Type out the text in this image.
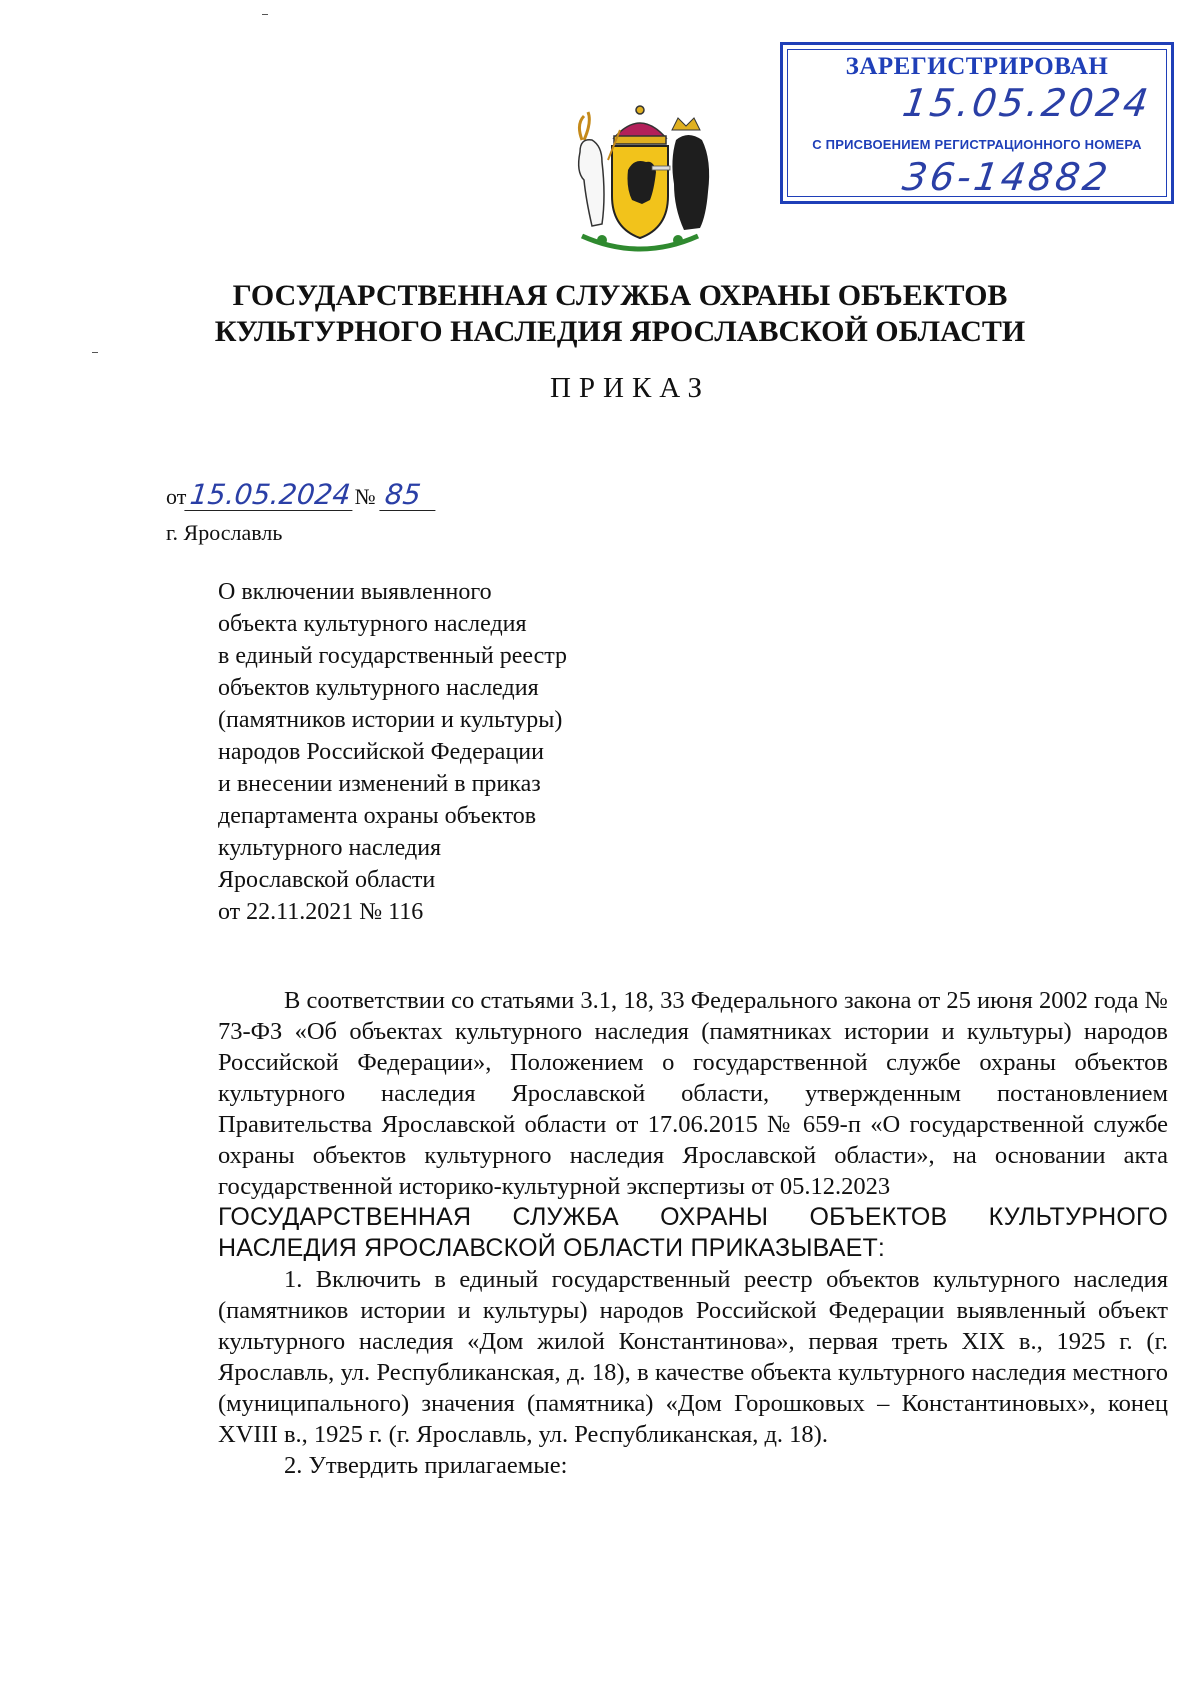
ЗАРЕГИСТРИРОВАН
15.05.2024
С ПРИСВОЕНИЕМ РЕГИСТРАЦИОННОГО НОМЕРА
36-14882
ГОСУДАРСТВЕННАЯ СЛУЖБА ОХРАНЫ ОБЪЕКТОВ
КУЛЬТУРНОГО НАСЛЕДИЯ ЯРОСЛАВСКОЙ ОБЛАСТИ
ПРИКАЗ
от15.05.2024№ 85
г. Ярославль
О включении выявленного
объекта культурного наследия
в единый государственный реестр
объектов культурного наследия
(памятников истории и культуры)
народов Российской Федерации
и внесении изменений в приказ
департамента охраны объектов
культурного наследия
Ярославской области
от 22.11.2021 № 116

В соответствии со статьями 3.1, 18, 33 Федерального закона от 25 июня 2002 года № 73-ФЗ «Об объектах культурного наследия (памятниках истории и культуры) народов Российской Федерации», Положением о государственной службе охраны объектов культурного наследия Ярославской области, утвержденным постановлением Правительства Ярославской области от 17.06.2015 № 659-п «О государственной службе охраны объектов культурного наследия Ярославской области», на основании акта государственной историко-культурной экспертизы от 05.12.2023

ГОСУДАРСТВЕННАЯ СЛУЖБА ОХРАНЫ ОБЪЕКТОВ КУЛЬТУРНОГО НАСЛЕДИЯ ЯРОСЛАВСКОЙ ОБЛАСТИ ПРИКАЗЫВАЕТ:

1. Включить в единый государственный реестр объектов культурного наследия (памятников истории и культуры) народов Российской Федерации выявленный объект культурного наследия «Дом жилой Константинова», первая треть XIX в., 1925 г. (г. Ярославль, ул. Республиканская, д. 18), в качестве объекта культурного наследия местного (муниципального) значения (памятника) «Дом Горошковых – Константиновых», конец XVIII в., 1925 г. (г. Ярославль, ул. Республиканская, д. 18).

2. Утвердить прилагаемые:
